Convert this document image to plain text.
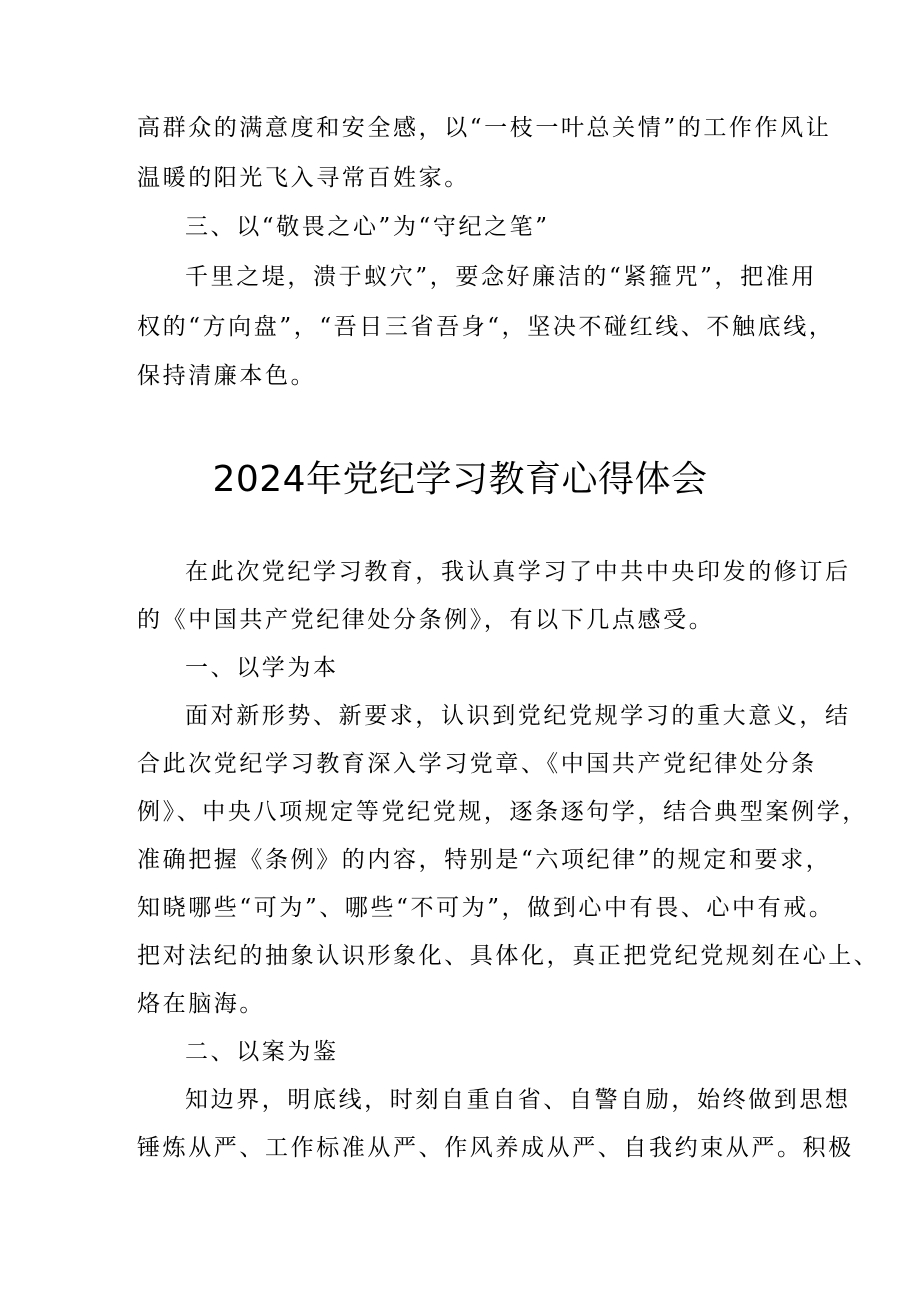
高群众的满意度和安全感，以“一枝一叶总关情”的工作作风让
温暖的阳光飞入寻常百姓家。
三、以“敬畏之心”为“守纪之笔”
千里之堤，溃于蚁穴”，要念好廉洁的“紧箍咒”，把准用
权的“方向盘”，“吾日三省吾身“，坚决不碰红线、不触底线，
保持清廉本色。
2024年党纪学习教育心得体会
在此次党纪学习教育，我认真学习了中共中央印发的修订后
的《中国共产党纪律处分条例》，有以下几点感受。
一、以学为本
面对新形势、新要求，认识到党纪党规学习的重大意义，结
合此次党纪学习教育深入学习党章、《中国共产党纪律处分条
例》、中央八项规定等党纪党规，逐条逐句学，结合典型案例学，
准确把握《条例》的内容，特别是“六项纪律”的规定和要求，
知晓哪些“可为”、哪些“不可为”，做到心中有畏、心中有戒。
把对法纪的抽象认识形象化、具体化，真正把党纪党规刻在心上、
烙在脑海。
二、以案为鉴
知边界，明底线，时刻自重自省、自警自励，始终做到思想
锤炼从严、工作标准从严、作风养成从严、自我约束从严。积极
